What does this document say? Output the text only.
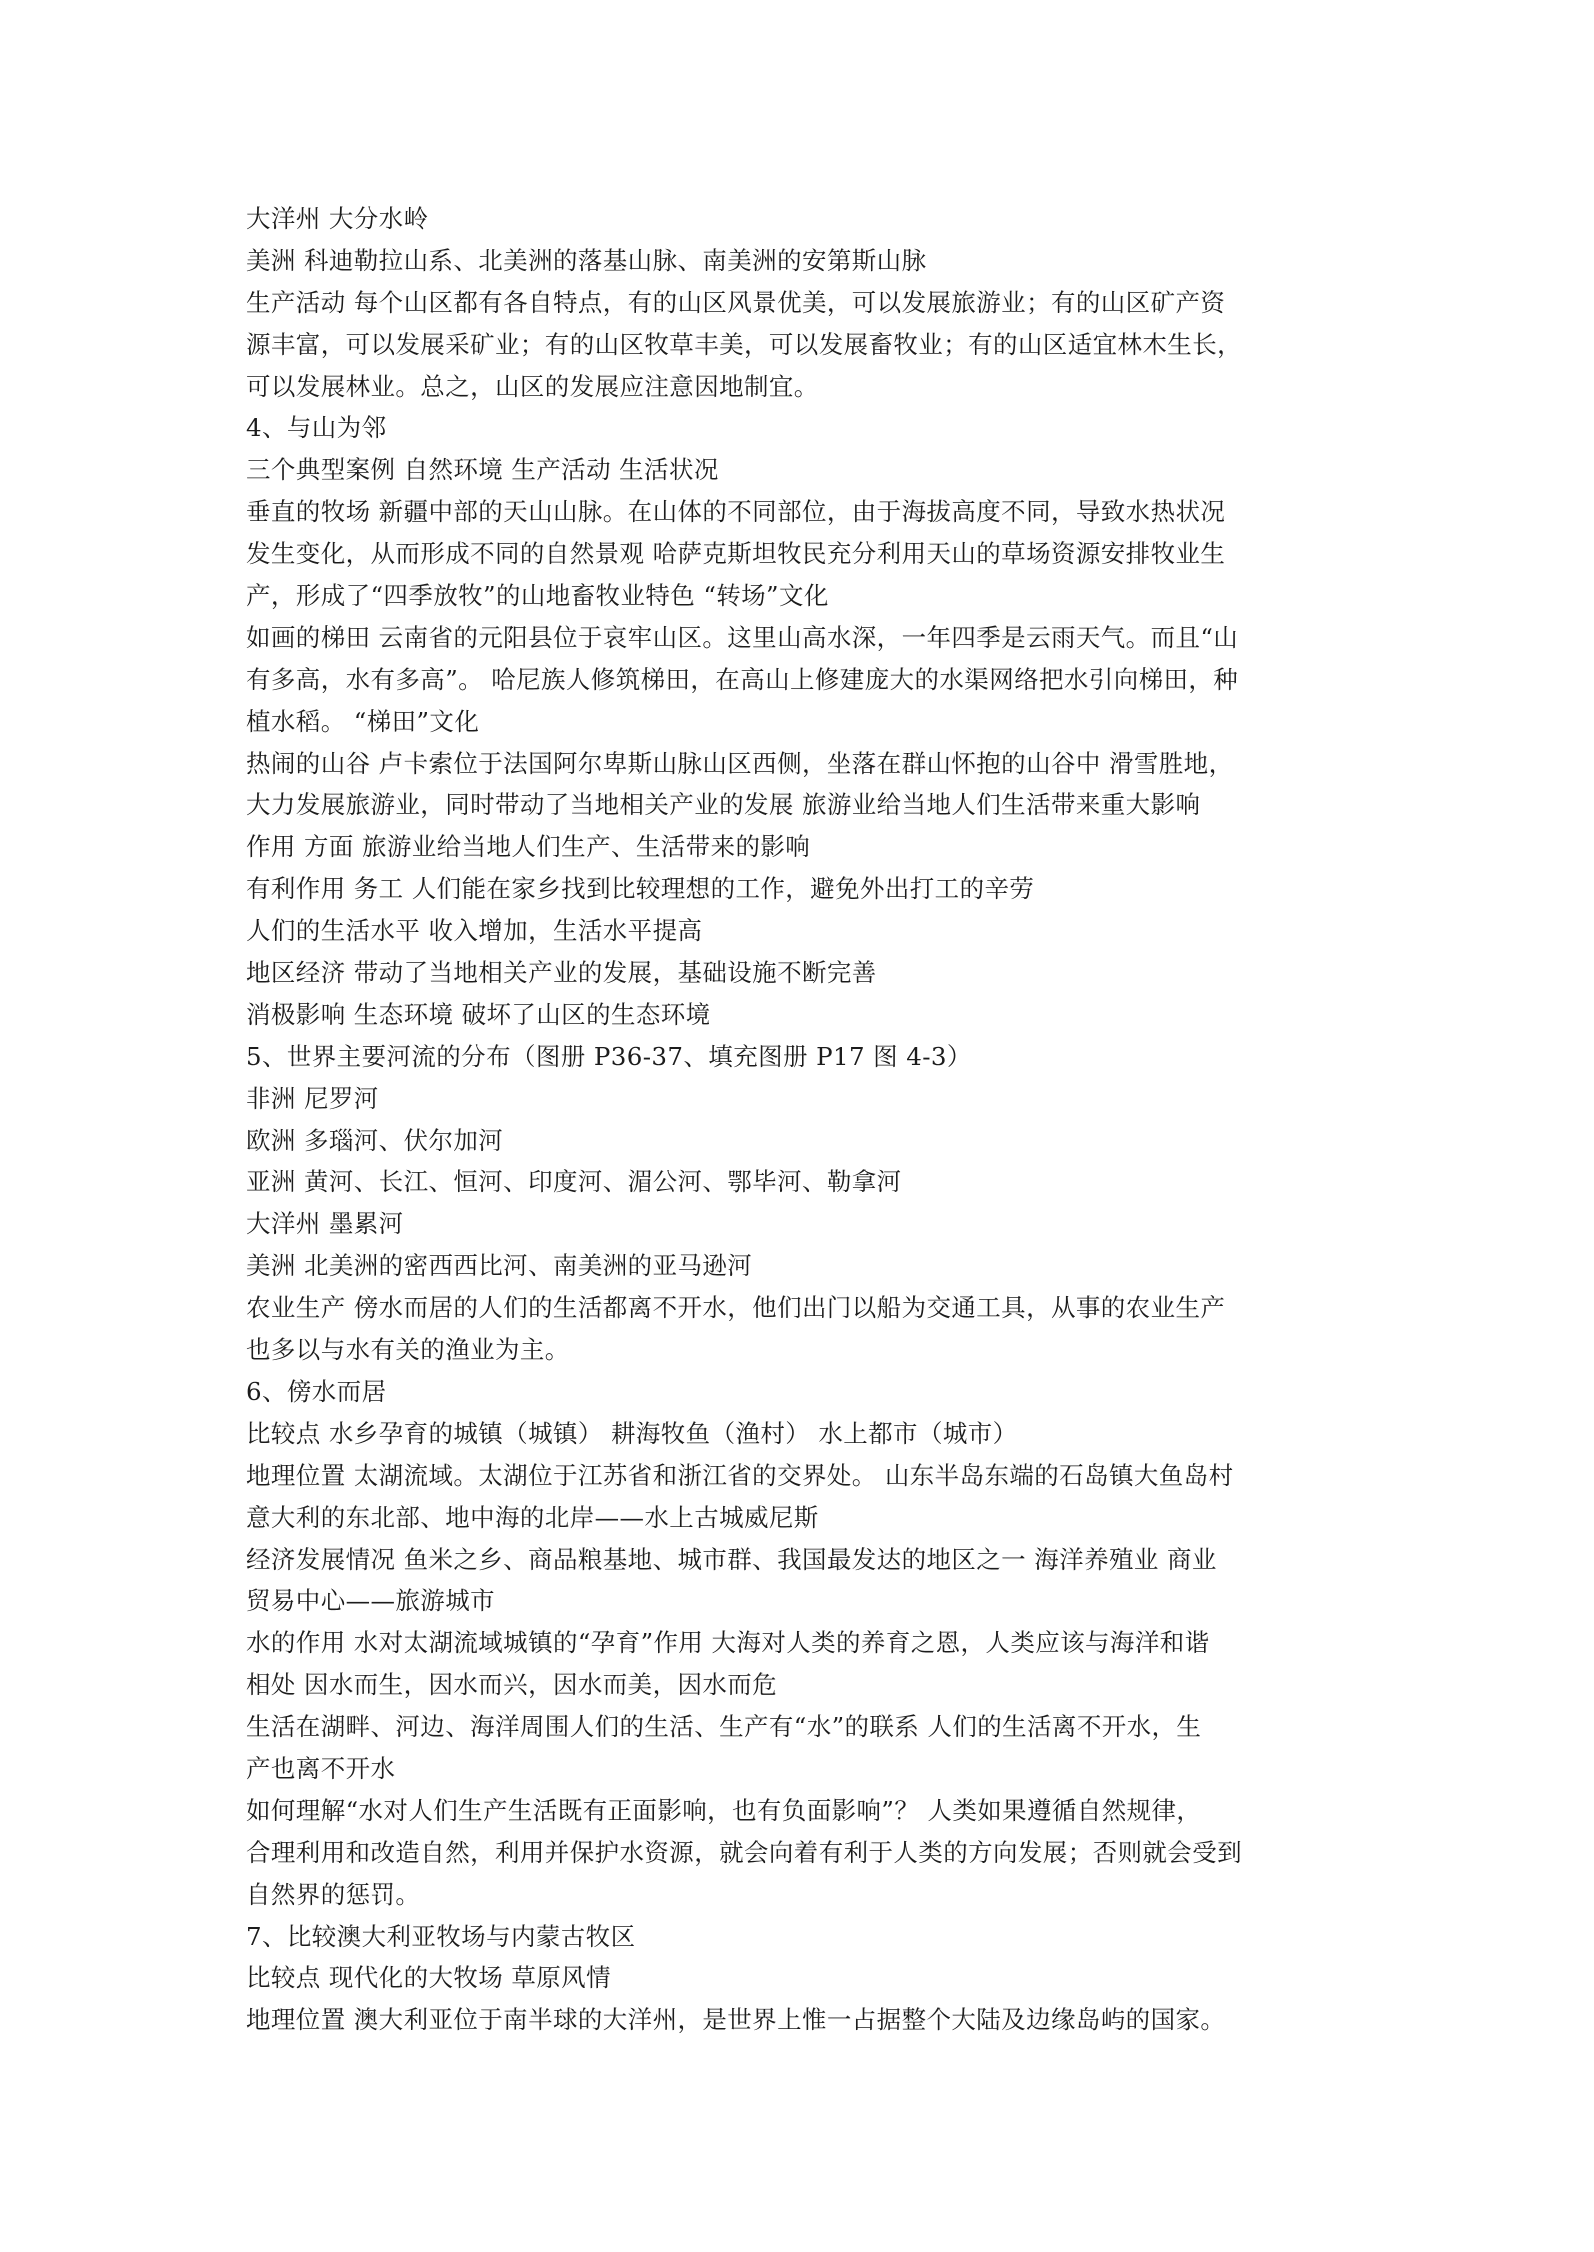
大洋州 大分水岭
美洲 科迪勒拉山系、北美洲的落基山脉、南美洲的安第斯山脉
生产活动 每个山区都有各自特点，有的山区风景优美，可以发展旅游业；有的山区矿产资
源丰富，可以发展采矿业；有的山区牧草丰美，可以发展畜牧业；有的山区适宜林木生长，
可以发展林业。总之，山区的发展应注意因地制宜。
4、与山为邻
三个典型案例 自然环境 生产活动 生活状况
垂直的牧场 新疆中部的天山山脉。在山体的不同部位，由于海拔高度不同，导致水热状况
发生变化，从而形成不同的自然景观 哈萨克斯坦牧民充分利用天山的草场资源安排牧业生
产，形成了“四季放牧”的山地畜牧业特色 “转场”文化
如画的梯田 云南省的元阳县位于哀牢山区。这里山高水深，一年四季是云雨天气。而且“山
有多高，水有多高”。 哈尼族人修筑梯田，在高山上修建庞大的水渠网络把水引向梯田，种
植水稻。 “梯田”文化
热闹的山谷 卢卡索位于法国阿尔卑斯山脉山区西侧，坐落在群山怀抱的山谷中 滑雪胜地，
大力发展旅游业，同时带动了当地相关产业的发展 旅游业给当地人们生活带来重大影响
作用 方面 旅游业给当地人们生产、生活带来的影响
有利作用 务工 人们能在家乡找到比较理想的工作，避免外出打工的辛劳
人们的生活水平 收入增加，生活水平提高
地区经济 带动了当地相关产业的发展，基础设施不断完善
消极影响 生态环境 破坏了山区的生态环境
5、世界主要河流的分布（图册 P36-37、填充图册 P17 图 4-3）
非洲 尼罗河
欧洲 多瑙河、伏尔加河
亚洲 黄河、长江、恒河、印度河、湄公河、鄂毕河、勒拿河
大洋州 墨累河
美洲 北美洲的密西西比河、南美洲的亚马逊河
农业生产 傍水而居的人们的生活都离不开水，他们出门以船为交通工具，从事的农业生产
也多以与水有关的渔业为主。
6、傍水而居
比较点 水乡孕育的城镇（城镇） 耕海牧鱼（渔村） 水上都市（城市）
地理位置 太湖流域。太湖位于江苏省和浙江省的交界处。 山东半岛东端的石岛镇大鱼岛村
意大利的东北部、地中海的北岸——水上古城威尼斯
经济发展情况 鱼米之乡、商品粮基地、城市群、我国最发达的地区之一 海洋养殖业 商业
贸易中心——旅游城市
水的作用 水对太湖流域城镇的“孕育”作用 大海对人类的养育之恩，人类应该与海洋和谐
相处 因水而生，因水而兴，因水而美，因水而危
生活在湖畔、河边、海洋周围人们的生活、生产有“水”的联系 人们的生活离不开水，生
产也离不开水
如何理解“水对人们生产生活既有正面影响，也有负面影响”？ 人类如果遵循自然规律，
合理利用和改造自然，利用并保护水资源，就会向着有利于人类的方向发展；否则就会受到
自然界的惩罚。
7、比较澳大利亚牧场与内蒙古牧区
比较点 现代化的大牧场 草原风情
地理位置 澳大利亚位于南半球的大洋州，是世界上惟一占据整个大陆及边缘岛屿的国家。
